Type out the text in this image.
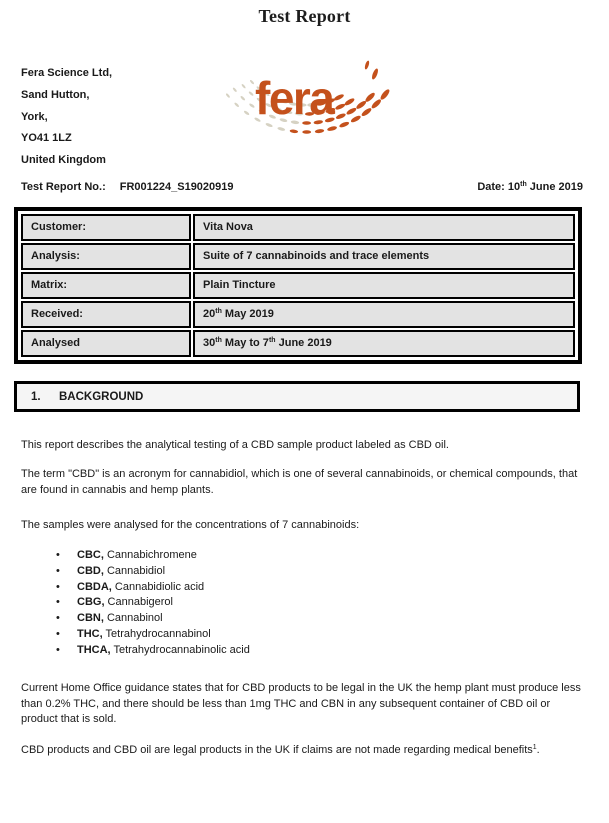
Test Report
Fera Science Ltd,
Sand Hutton,
York,
YO41 1LZ
United Kingdom
fera
Test Report No.: FR001224_S19020919	Date: 10th June 2019
Customer:	Vita Nova
Analysis:	Suite of 7 cannabinoids and trace elements
Matrix:	Plain Tincture
Received:	20th May 2019
Analysed	30th May to 7th June 2019
1.	BACKGROUND

This report describes the analytical testing of a CBD sample product labeled as CBD oil.

The term "CBD" is an acronym for cannabidiol, which is one of several cannabinoids, or chemical compounds, that are found in cannabis and hemp plants.

The samples were analysed for the concentrations of 7 cannabinoids:

• CBC, Cannabichromene
• CBD, Cannabidiol
• CBDA, Cannabidiolic acid
• CBG, Cannabigerol
• CBN, Cannabinol
• THC, Tetrahydrocannabinol
• THCA, Tetrahydrocannabinolic acid

Current Home Office guidance states that for CBD products to be legal in the UK the hemp plant must produce less than 0.2% THC, and there should be less than 1mg THC and CBN in any subsequent container of CBD oil or product that is sold.

CBD products and CBD oil are legal products in the UK if claims are not made regarding medical benefits$^1$.
